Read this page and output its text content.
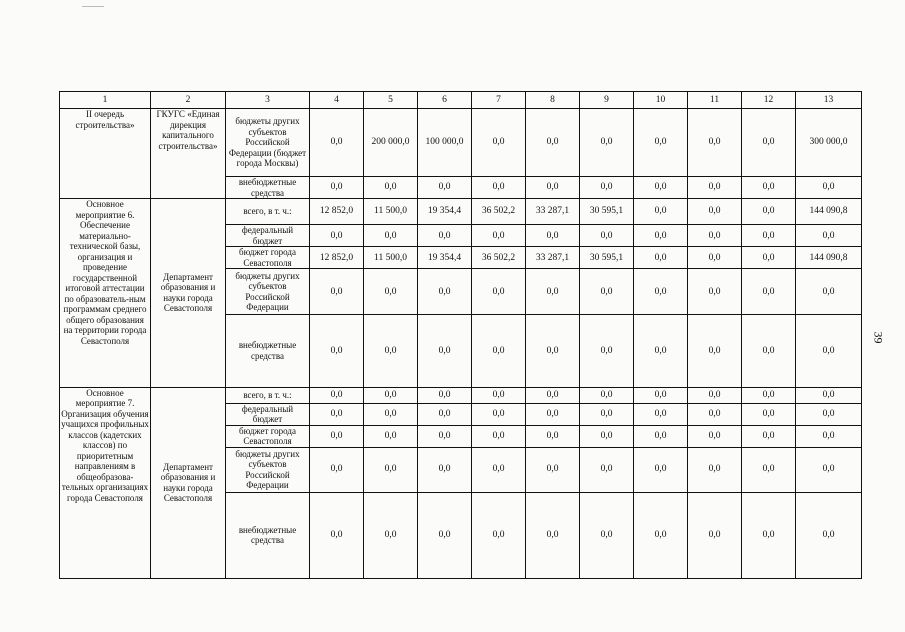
39
1	2	3	4	5	6	7	8	9	10	11	12	13
II очередь строительства»	ГКУГС «Единая дирекция капитального строительства»	бюджеты других субъектов Российской Федерации (бюджет города Москвы)	0,0	200 000,0	100 000,0	0,0	0,0	0,0	0,0	0,0	0,0	300 000,0
		внебюджетные средства	0,0	0,0	0,0	0,0	0,0	0,0	0,0	0,0	0,0	0,0
Основное мероприятие 6. Обеспечение материально-технической базы, организация и проведение государственной итоговой аттестации по образователь-ным программам среднего общего образования на территории города Севастополя	Департамент образования и науки города Севастополя	всего, в т. ч.:	12 852,0	11 500,0	19 354,4	36 502,2	33 287,1	30 595,1	0,0	0,0	0,0	144 090,8
		федеральный бюджет	0,0	0,0	0,0	0,0	0,0	0,0	0,0	0,0	0,0	0,0
		бюджет города Севастополя	12 852,0	11 500,0	19 354,4	36 502,2	33 287,1	30 595,1	0,0	0,0	0,0	144 090,8
		бюджеты других субъектов Российской Федерации	0,0	0,0	0,0	0,0	0,0	0,0	0,0	0,0	0,0	0,0
		внебюджетные средства	0,0	0,0	0,0	0,0	0,0	0,0	0,0	0,0	0,0	0,0
Основное мероприятие 7. Организация обучения учащихся профильных классов (кадетских классов) по приоритетным направлениям в общеобразова-тельных организациях города Севастополя	Департамент образования и науки города Севастополя	всего, в т. ч.:	0,0	0,0	0,0	0,0	0,0	0,0	0,0	0,0	0,0	0,0
		федеральный бюджет	0,0	0,0	0,0	0,0	0,0	0,0	0,0	0,0	0,0	0,0
		бюджет города Севастополя	0,0	0,0	0,0	0,0	0,0	0,0	0,0	0,0	0,0	0,0
		бюджеты других субъектов Российской Федерации	0,0	0,0	0,0	0,0	0,0	0,0	0,0	0,0	0,0	0,0
		внебюджетные средства	0,0	0,0	0,0	0,0	0,0	0,0	0,0	0,0	0,0	0,0
